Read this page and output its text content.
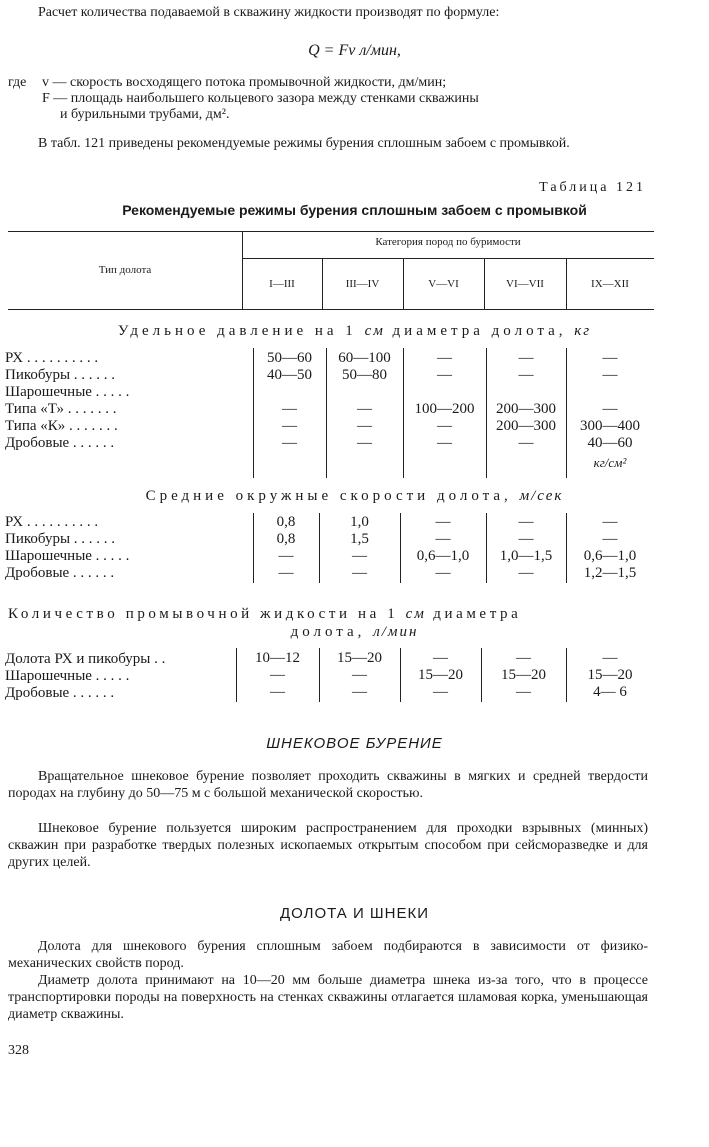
Расчет количества подаваемой в скважину жидкости производят по формуле:

Q = Fv л/мин,
где	v — скорость восходящего потока промывочной жидкости, дм/мин;
F — площадь наибольшего кольцевого зазора между стенками скважины
и бурильными трубами, дм².

В табл. 121 приведены рекомендуемые режимы бурения сплошным забоем с промывкой.

Таблица 121
Рекомендуемые режимы бурения сплошным забоем с промывкой
Тип долота
Категория пород по буримости
I—III	III—IV	V—VI	VI—VII	IX—XII
Удельное давление на 1 см диаметра долота, кг
РХ . . . . . . . . . .	50—60	60—100	—	—	—
Пикобуры . . . . . .	40—50	50—80	—	—	—
Шарошечные . . . . .
Типа «Т» . . . . . . .	—	—	100—200	200—300	—
Типа «К» . . . . . . .	—	—	—	200—300	300—400
Дробовые . . . . . .	—	—	—	—	40—60
кг/см²
Средние окружные скорости долота, м/сек
РХ . . . . . . . . . .	0,8	1,0	—	—	—
Пикобуры . . . . . .	0,8	1,5	—	—	—
Шарошечные . . . . .	—	—	0,6—1,0	1,0—1,5	0,6—1,0
Дробовые . . . . . .	—	—	—	—	1,2—1,5
Количество промывочной жидкости на 1 см диаметра
долота, л/мин
Долота РХ и пикобуры . .	10—12	15—20	—	—	—
Шарошечные . . . . .	—	—	15—20	15—20	15—20
Дробовые . . . . . .	—	—	—	—	4— 6
ШНЕКОВОЕ БУРЕНИЕ

Вращательное шнековое бурение позволяет проходить скважины в мягких и средней твердости породах на глубину до 50—75 м с большой механической скоростью.

Шнековое бурение пользуется широким распространением для проходки взрывных (минных) скважин при разработке твердых полезных ископаемых открытым способом при сейсморазведке и для других целей.

ДОЛОТА И ШНЕКИ

Долота для шнекового бурения сплошным забоем подбираются в зависимости от физико-механических свойств пород.

Диаметр долота принимают на 10—20 мм больше диаметра шнека из-за того, что в процессе транспортировки породы на поверхность на стенках скважины отлагается шламовая корка, уменьшающая диаметр скважины.

328
